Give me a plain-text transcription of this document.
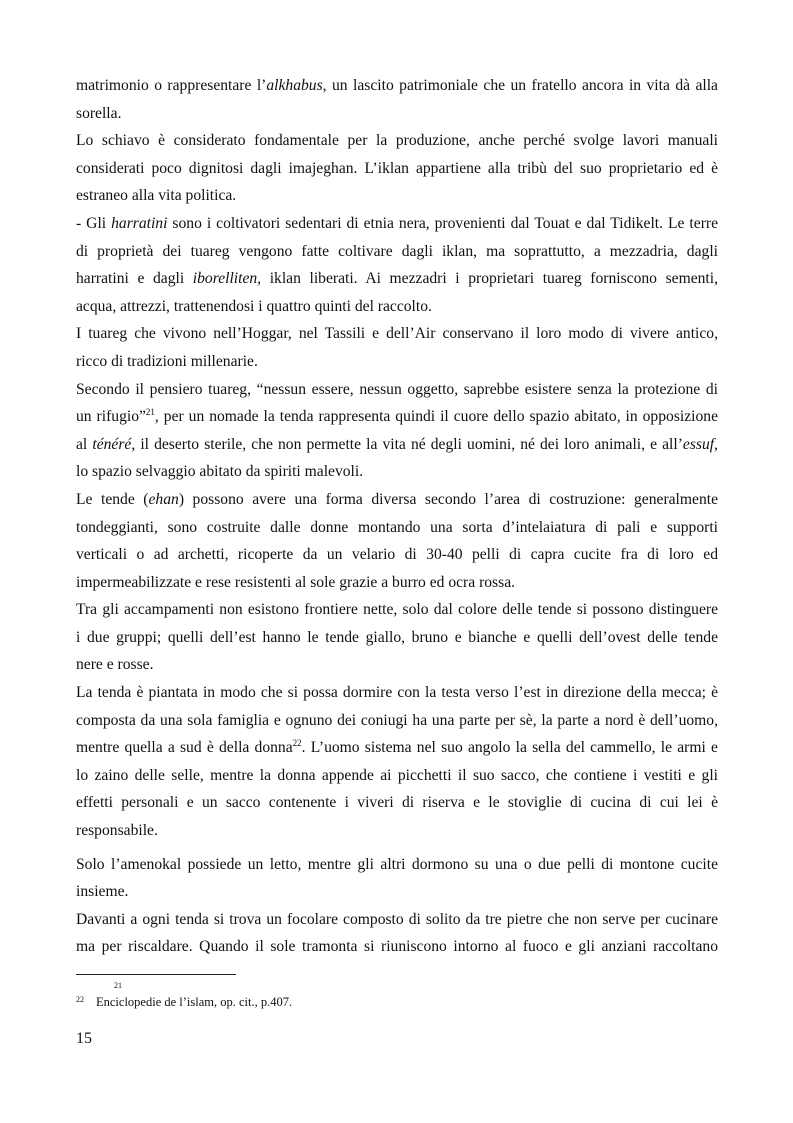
matrimonio o rappresentare l’alkhabus, un lascito patrimoniale che un fratello ancora in vita dà alla
sorella.
Lo schiavo è considerato fondamentale per la produzione, anche perché svolge lavori manuali
considerati poco dignitosi dagli imajeghan. L’iklan appartiene alla tribù del suo proprietario ed è
estraneo alla vita politica.
- Gli harratini sono i coltivatori sedentari di etnia nera, provenienti dal Touat e dal Tidikelt. Le terre
di proprietà dei tuareg vengono fatte coltivare dagli iklan, ma soprattutto, a mezzadria, dagli
harratini e dagli iborelliten, iklan liberati. Ai mezzadri i proprietari tuareg forniscono sementi,
acqua, attrezzi, trattenendosi i quattro quinti del raccolto.
I tuareg che vivono nell’Hoggar, nel Tassili e dell’Air conservano il loro modo di vivere antico,
ricco di tradizioni millenarie.
Secondo il pensiero tuareg, “nessun essere, nessun oggetto, saprebbe esistere senza la protezione di
un rifugio”$^{21}$, per un nomade la tenda rappresenta quindi il cuore dello spazio abitato, in opposizione
al ténéré, il deserto sterile, che non permette la vita né degli uomini, né dei loro animali, e all’essuf,
lo spazio selvaggio abitato da spiriti malevoli.
Le tende (ehan) possono avere una forma diversa secondo l’area di costruzione: generalmente
tondeggianti, sono costruite dalle donne montando una sorta d’intelaiatura di pali e supporti
verticali o ad archetti, ricoperte da un velario di 30-40 pelli di capra cucite fra di loro ed
impermeabilizzate e rese resistenti al sole grazie a burro ed ocra rossa.
Tra gli accampamenti non esistono frontiere nette, solo dal colore delle tende si possono distinguere
i due gruppi; quelli dell’est hanno le tende giallo, bruno e bianche e quelli dell’ovest delle tende
nere e rosse.
La tenda è piantata in modo che si possa dormire con la testa verso l’est in direzione della mecca; è
composta da una sola famiglia e ognuno dei coniugi ha una parte per sè, la parte a nord è dell’uomo,
mentre quella a sud è della donna$^{22}$. L’uomo sistema nel suo angolo la sella del cammello, le armi e
lo zaino delle selle, mentre la donna appende ai picchetti il suo sacco, che contiene i vestiti e gli
effetti personali e un sacco contenente i viveri di riserva e le stoviglie di cucina di cui lei è
responsabile.
Solo l’amenokal possiede un letto, mentre gli altri dormono su una o due pelli di montone cucite
insieme.
Davanti a ogni tenda si trova un focolare composto di solito da tre pietre che non serve per cucinare
ma per riscaldare. Quando il sole tramonta si riuniscono intorno al fuoco e gli anziani raccoltano
21
$^{22}$ Enciclopedie de l’islam, op. cit., p.407.
15
